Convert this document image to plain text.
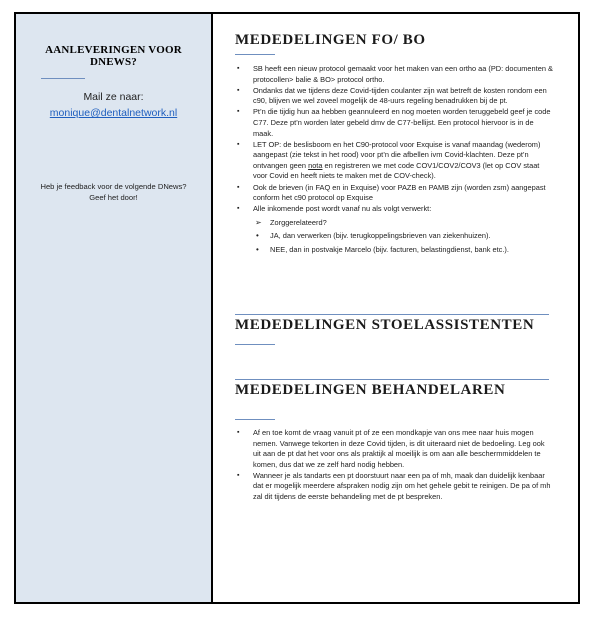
AANLEVERINGEN VOOR DNEWS?
Mail ze naar:
monique@dentalnetwork.nl
Heb je feedback voor de volgende DNews? Geef het door!
MEDEDELINGEN FO/ BO
▪ SB heeft een nieuw protocol gemaakt voor het maken van een ortho aa (PD: documenten & protocollen> balie & BO> protocol ortho.
▪ Ondanks dat we tijdens deze Covid-tijden coulanter zijn wat betreft de kosten rondom een c90, blijven we wel zoveel mogelijk de 48-uurs regeling benadrukken bij de pt.
▪ Pt’n die tijdig hun aa hebben geannuleerd en nog moeten worden teruggebeld geef je code C77. Deze pt’n worden later gebeld dmv de C77-bellijst. Een protocol hiervoor is in de maak.
▪ LET OP: de beslisboom en het C90-protocol voor Exquise is vanaf maandag (wederom) aangepast (zie tekst in het rood) voor pt’n die afbellen ivm Covid-klachten. Deze pt’n ontvangen geen nota en registreren we met code COV1/COV2/COV3 (let op COV staat voor Covid en heeft niets te maken met de COV-check).
▪ Ook de brieven (in FAQ en in Exquise) voor PAZB en PAMB zijn (worden zsm) aangepast conform het c90 protocol op Exquise
▪ Alle inkomende post wordt vanaf nu als volgt verwerkt:
➢ Zorggerelateerd?
• JA, dan verwerken (bijv. terugkoppelingsbrieven van ziekenhuizen).
• NEE, dan in postvakje Marcelo (bijv. facturen, belastingdienst, bank etc.).
MEDEDELINGEN STOELASSISTENTEN
MEDEDELINGEN BEHANDELAREN
▪ Af en toe komt de vraag vanuit pt of ze een mondkapje van ons mee naar huis mogen nemen. Vanwege tekorten in deze Covid tijden, is dit uiteraard niet de bedoeling. Leg ook uit aan de pt dat het voor ons als praktijk al moeilijk is om aan alle beschermmiddelen te komen, dus dat we ze zelf hard nodig hebben.
▪ Wanneer je als tandarts een pt doorstuurt naar een pa of mh, maak dan duidelijk kenbaar dat er mogelijk meerdere afspraken nodig zijn om het gehele gebit te reinigen. De pa of mh zal dit tijdens de eerste behandeling met de pt bespreken.
